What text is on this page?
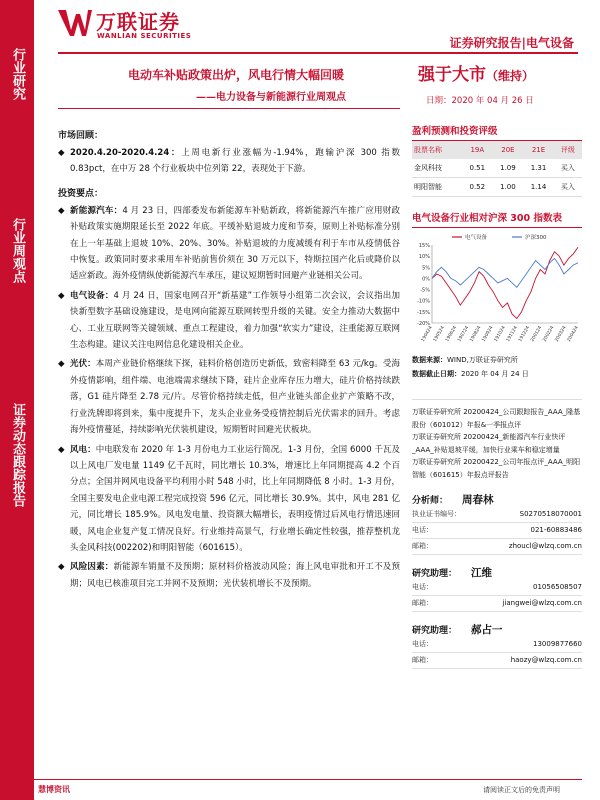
行业研究
行业周观点
证券动态跟踪报告
万联证券
WANLIAN SECURITIES	证券研究报告|电气设备
电动车补贴政策出炉，风电行情大幅回暖
——电力设备与新能源行业周观点
强于大市（维持）
日期：2020 年 04 月 26 日
市场回顾：
◆ 2020.4.20-2020.4.24：上周电新行业涨幅为-1.94%，跑输沪深 300 指数 0.83pct，在中万 28 个行业板块中位列第 22，表现处于下游。
投资要点：
◆ 新能源汽车：4 月 23 日，四部委发布新能源车补贴新政，将新能源汽车推广应用财政补贴政策实施期限延长至 2022 年底。平缓补贴退坡力度和节奏，原则上补贴标准分别在上一年基础上退坡 10%、20%、30%。补贴退坡的力度减缓有利于车市从疫情低谷中恢复。政策同时要求乘用车补贴前售价须在 30 万元以下，特斯拉国产化后或降价以适应新政。海外疫情纵使新能源汽车承压，建议短期暂时回避产业链相关公司。
◆ 电气设备：4 月 24 日，国家电网召开“新基建”工作领导小组第二次会议，会议指出加快新型数字基础设施建设，是电网向能源互联网转型升级的关键。安全力推动大数据中心、工业互联网等关键领域、重点工程建设，着力加强“软实力”建设，注重能源互联网生态构建。建议关注电网信息化建设相关企业。
◆ 光伏：本周产业链价格继续下探，硅料价格创造历史新低，致密料降至 63 元/kg。受海外疫情影响，组件端、电池端需求继续下降，硅片企业库存压力增大，硅片价格持续跌落，G1 硅片降至 2.78 元/片。尽管价格持续走低，但产业链头部企业扩产策略不改，行业洗牌即将到来，集中度提升下，龙头企业业务受疫情控制后光伏需求的回升。考虑海外疫情蔓延，持续影响光伏装机建设，短期暂时回避光伏板块。
◆ 风电：中电联发布 2020 年 1-3 月份电力工业运行简况。1-3 月份，全国 6000 千瓦及以上风电厂发电量 1149 亿千瓦时，同比增长 10.3%，增速比上年同期提高 4.2 个百分点；全国并网风电设备平均利用小时 548 小时，比上年同期降低 8 小时。1-3 月份，全国主要发电企业电源工程完成投资 596 亿元，同比增长 30.9%。其中，风电 281 亿元，同比增长 185.9%。风电发电量、投资额大幅增长，表明疫情过后风电行情迅速回暖，风电企业复产复工情况良好。行业维持高景气，行业增长确定性较强，推荐整机龙头金风科技(002202)和明阳智能（601615）。
◆ 风险因素：新能源车销量不及预期；原材料价格波动风险；海上风电审批和开工不及预期；风电已核准项目完工并网不及预期；光伏装机增长不及预期。
盈利预测和投资评级
股票名称	19A	20E	21E	评级
金风科技	0.51	1.09	1.31	买入
明阳智能	0.52	1.00	1.14	买入
电气设备行业相对沪深 300 指数表
15%
10%
5%
0%
-5%
-10%
-15%
-20%
190424 190524 190624 190724 190824 190924 191024 191124 191224 200124 200224 200324 200424
电气设备	沪深300
数据来源：WIND,万联证券研究所
数据截止日期：2020 年 04 月 24 日
万联证券研究所 20200424_公司跟踪报告_AAA_隆基股份（601012）年报&一季报点评
万联证券研究所 20200424_新能源汽车行业快评_AAA_补贴退坡平缓，加快行业乘车和稳定增量
万联证券研究所 20200422_公司年报点评_AAA_明阳智能（601615）年报点评报告
分析师： 周春林
执业证书编号：	S0270518070001
电话：	021-60883486
邮箱：	zhoucl@wlzq.com.cn
研究助理： 江维
电话：	01056508507
邮箱：	jiangwei@wlzq.com.cn
研究助理： 郝占一
电话：	13009877660
邮箱：	haozy@wlzq.com.cn
慧博资讯	请阅读正文后的免责声明
